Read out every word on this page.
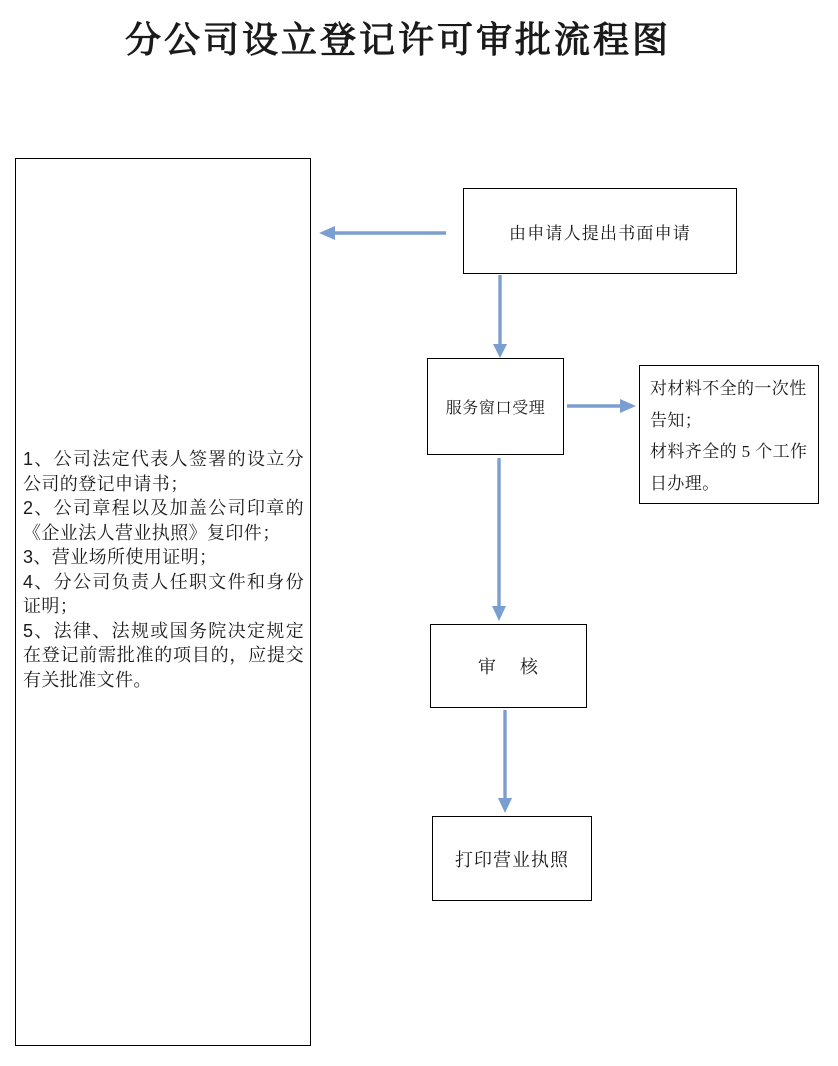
分公司设立登记许可审批流程图

1、公司法定代表人签署的设立分公司的登记申请书；

2、公司章程以及加盖公司印章的《企业法人营业执照》复印件；

3、营业场所使用证明；

4、分公司负责人任职文件和身份证明；

5、法律、法规或国务院决定规定在登记前需批准的项目的，应提交有关批准文件。

由申请人提出书面申请
服务窗口受理

对材料不全的一次性告知；

材料齐全的 5 个工作日办理。

审    核
打印营业执照
